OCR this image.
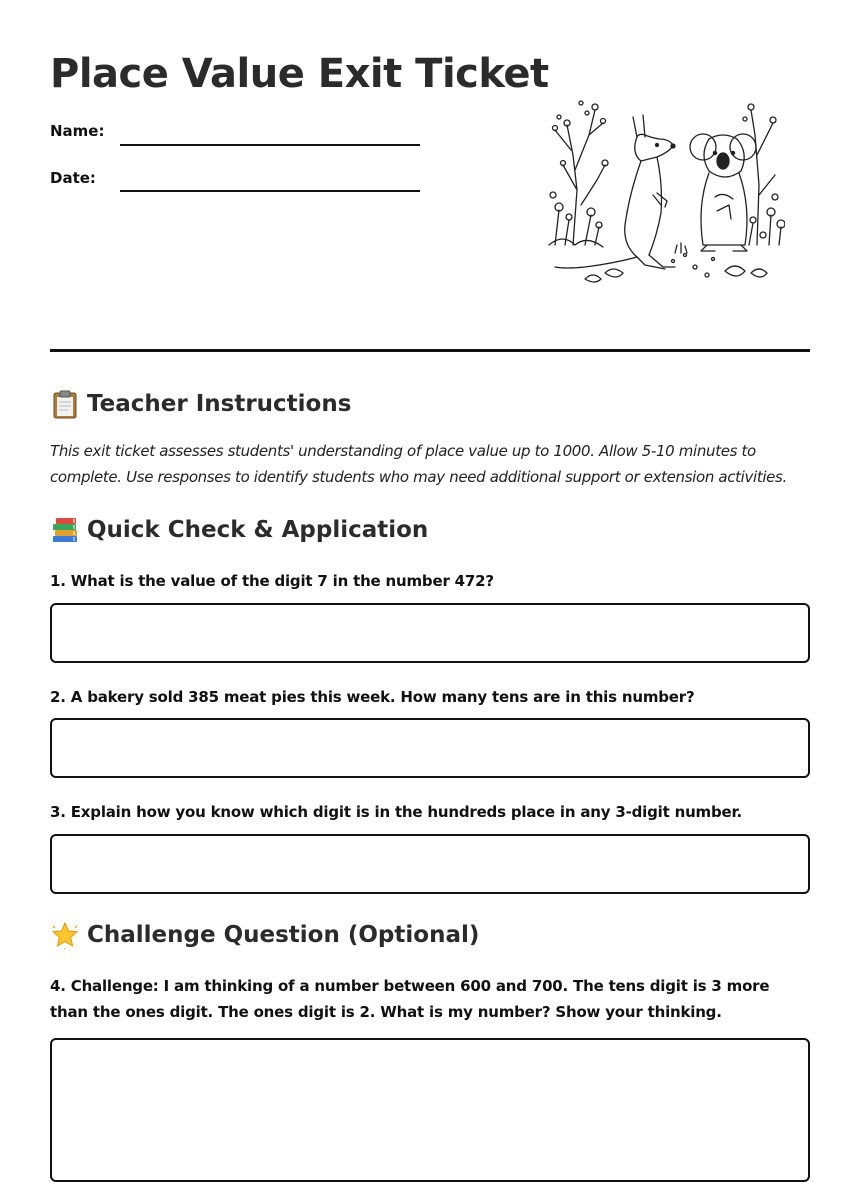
Place Value Exit Ticket
Name:
Date:
Teacher Instructions

This exit ticket assesses students' understanding of place value up to 1000. Allow 5-10 minutes to complete. Use responses to identify students who may need additional support or extension activities.

Quick Check & Application

1. What is the value of the digit 7 in the number 472?

2. A bakery sold 385 meat pies this week. How many tens are in this number?

3. Explain how you know which digit is in the hundreds place in any 3-digit number.

Challenge Question (Optional)

4. Challenge: I am thinking of a number between 600 and 700. The tens digit is 3 more than the ones digit. The ones digit is 2. What is my number? Show your thinking.
